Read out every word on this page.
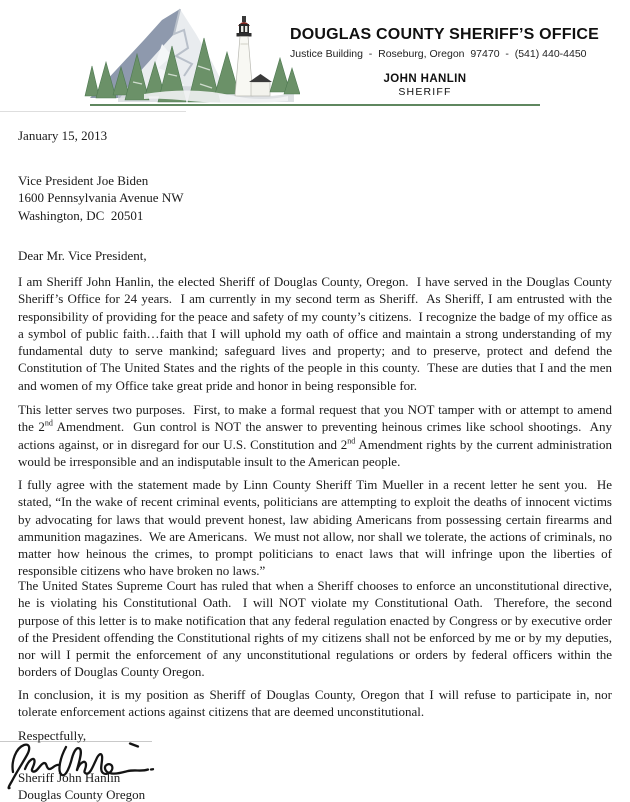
DOUGLAS COUNTY SHERIFF’S OFFICE
Justice Building  -  Roseburg, Oregon  97470  -  (541) 440-4450
JOHN HANLIN
SHERIFF
January 15, 2013
Vice President Joe Biden
1600 Pennsylvania Avenue NW
Washington, DC  20501
Dear Mr. Vice President,

I am Sheriff John Hanlin, the elected Sheriff of Douglas County, Oregon.  I have served in the Douglas County Sheriff’s Office for 24 years.  I am currently in my second term as Sheriff.  As Sheriff, I am entrusted with the responsibility of providing for the peace and safety of my county’s citizens.  I recognize the badge of my office as a symbol of public faith…faith that I will uphold my oath of office and maintain a strong understanding of my fundamental duty to serve mankind; safeguard lives and property; and to preserve, protect and defend the Constitution of The United States and the rights of the people in this county.  These are duties that I and the men and women of my Office take great pride and honor in being responsible for.

This letter serves two purposes.  First, to make a formal request that you NOT tamper with or attempt to amend the 2nd Amendment.  Gun control is NOT the answer to preventing heinous crimes like school shootings.  Any actions against, or in disregard for our U.S. Constitution and 2nd Amendment rights by the current administration would be irresponsible and an indisputable insult to the American people.

I fully agree with the statement made by Linn County Sheriff Tim Mueller in a recent letter he sent you.  He stated, “In the wake of recent criminal events, politicians are attempting to exploit the deaths of innocent victims by advocating for laws that would prevent honest, law abiding Americans from possessing certain firearms and ammunition magazines.  We are Americans.  We must not allow, nor shall we tolerate, the actions of criminals, no matter how heinous the crimes, to prompt politicians to enact laws that will infringe upon the liberties of responsible citizens who have broken no laws.”

The United States Supreme Court has ruled that when a Sheriff chooses to enforce an unconstitutional directive, he is violating his Constitutional Oath.  I will NOT violate my Constitutional Oath.  Therefore, the second purpose of this letter is to make notification that any federal regulation enacted by Congress or by executive order of the President offending the Constitutional rights of my citizens shall not be enforced by me or by my deputies, nor will I permit the enforcement of any unconstitutional regulations or orders by federal officers within the borders of Douglas County Oregon.

In conclusion, it is my position as Sheriff of Douglas County, Oregon that I will refuse to participate in, nor tolerate enforcement actions against citizens that are deemed unconstitutional.

Respectfully,
Sheriff John Hanlin
Douglas County Oregon
